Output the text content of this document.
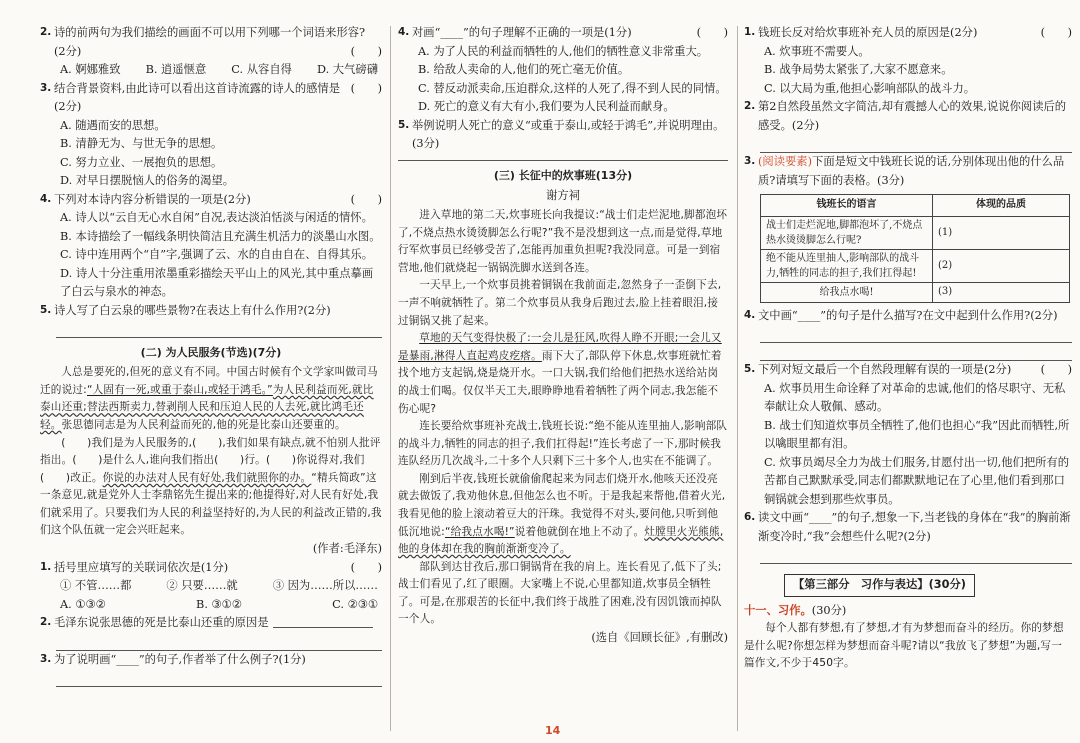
2. 诗的前两句为我们描绘的画面不可以用下列哪一个词语来形容?
(2分)	(　　)
A. 婀娜雅致 B. 逍遥惬意 C. 从容自得 D. 大气磅礴
3.	(　　)
结合背景资料,由此诗可以看出这首诗流露的诗人的感情是(2分)
A. 随遇而安的思想。
B. 清静无为、与世无争的思想。
C. 努力立业、一展抱负的思想。
D. 对早日摆脱恼人的俗务的渴望。
4.	(　　)
下列对本诗内容分析错误的一项是(2分)
A. 诗人以“云自无心水自闲”自况,表达淡泊恬淡与闲适的情怀。
B. 本诗描绘了一幅线条明快简洁且充满生机活力的淡墨山水图。
C. 诗中连用两个“自”字,强调了云、水的自由自在、自得其乐。
D. 诗人十分注重用浓墨重彩描绘天平山上的风光,其中重点摹画了白云与泉水的神态。
5. 诗人写了白云泉的哪些景物?在表达上有什么作用?(2分)
(二) 为人民服务(节选)(7分)
人总是要死的,但死的意义有不同。中国古时候有个文学家叫做司马迁的说过:“人固有一死,或重于泰山,或轻于鸿毛。”为人民利益而死,就比泰山还重;替法西斯卖力,替剥削人民和压迫人民的人去死,就比鸿毛还轻。张思德同志是为人民利益而死的,他的死是比泰山还要重的。
(　　)我们是为人民服务的,(　　),我们如果有缺点,就不怕别人批评指出。(　　)是什么人,谁向我们指出(　　)行。(　　)你说得对,我们(　　)改正。你说的办法对人民有好处,我们就照你的办。“精兵简政”这一条意见,就是党外人士李鼎铭先生提出来的;他提得好,对人民有好处,我们就采用了。只要我们为人民的利益坚持好的,为人民的利益改正错的,我们这个队伍就一定会兴旺起来。
(作者:毛泽东)
1.	(　　)
括号里应填写的关联词依次是(1分)
① 不管……都	② 只要……就	③ 因为……所以……
A. ①③②	B. ③①②	C. ②③①
2. 毛泽东说张思德的死是比泰山还重的原因是
3. 为了说明画“____”的句子,作者举了什么例子?(1分)
4.	(　　)
对画“____”的句子理解不正确的一项是(1分)
A. 为了人民的利益而牺牲的人,他们的牺牲意义非常重大。
B. 给敌人卖命的人,他们的死亡毫无价值。
C. 替反动派卖命,压迫群众,这样的人死了,得不到人民的同情。
D. 死亡的意义有大有小,我们要为人民利益而献身。
5. 举例说明人死亡的意义“或重于泰山,或轻于鸿毛”,并说明理由。
(3分)
(三) 长征中的炊事班(13分)
谢方祠
进入草地的第二天,炊事班长向我提议:“战士们走烂泥地,脚都泡坏了,不烧点热水烫烫脚怎么行呢?”我不是没想到这一点,而是觉得,草地行军炊事员已经够受苦了,怎能再加重负担呢?我没同意。可是一到宿营地,他们就烧起一锅锅洗脚水送到各连。
一天早上,一个炊事员挑着铜锅在我前面走,忽然身子一歪倒下去,一声不响就牺牲了。第二个炊事员从我身后跑过去,脸上挂着眼泪,接过铜锅又挑了起来。
草地的天气变得快极了:一会儿是狂风,吹得人睁不开眼;一会儿又是暴雨,淋得人直起鸡皮疙瘩。雨下大了,部队停下休息,炊事班就忙着找个地方支起锅,烧是烧开水。一口大锅,我们给他们把热水送给站岗的战士们喝。仅仅半天工夫,眼睁睁地看着牺牲了两个同志,我怎能不伤心呢?
连长要给炊事班补充战士,钱班长说:“绝不能从连里抽人,影响部队的战斗力,牺牲的同志的担子,我们扛得起!”连长考虑了一下,那时候我连队经历几次战斗,二十多个人只剩下三十多个人,也实在不能调了。
刚到后半夜,钱班长就偷偷爬起来为同志们烧开水,他咳天还没亮就去做饭了,我劝他休息,但他怎么也不听。于是我起来帮他,借着火光,我看见他的脸上滚动着豆大的汗珠。我觉得不对头,要问他,只听到他低沉地说:“给我点水喝!”说着他就倒在地上不动了。灶膛里火光熊熊,他的身体却在我的胸前渐渐变冷了。
部队到达甘孜后,那口铜锅背在我的肩上。连长看见了,低下了头;战士们看见了,红了眼圈。大家嘴上不说,心里都知道,炊事员全牺牲了。可是,在那艰苦的长征中,我们终于战胜了困难,没有因饥饿而掉队一个人。
(选自《回顾长征》,有删改)
1.	(　　)
钱班长反对给炊事班补充人员的原因是(2分)
A. 炊事班不需要人。
B. 战争局势太紧张了,大家不愿意来。
C. 以大局为重,他担心影响部队的战斗力。
2. 第2自然段虽然文字简洁,却有震撼人心的效果,说说你阅读后的感受。(2分)
3. (阅读要素)下面是短文中钱班长说的话,分别体现出他的什么品质?请填写下面的表格。(3分)
钱班长的语言	体现的品质
战士们走烂泥地,脚都泡坏了,不烧点热水烫烫脚怎么行呢?	(1)
绝不能从连里抽人,影响部队的战斗力,牺牲的同志的担子,我们扛得起!	(2)
给我点水喝!	(3)
4. 文中画“____”的句子是什么描写?在文中起到什么作用?(2分)
5.	(　　)
下列对短文最后一个自然段理解有误的一项是(2分)
A. 炊事员用生命诠释了对革命的忠诚,他们的恪尽职守、无私奉献让众人敬佩、感动。
B. 战士们知道炊事员全牺牲了,他们也担心“我”因此而牺牲,所以噙眼里都有泪。
C. 炊事员竭尽全力为战士们服务,甘愿付出一切,他们把所有的苦都自己默默承受,同志们都默默地记在了心里,他们看到那口铜锅就会想到那些炊事员。
6. 读文中画“____”的句子,想象一下,当老钱的身体在“我”的胸前渐渐变冷时,“我”会想些什么呢?(2分)
【第三部分　习作与表达】(30分)
十一、习作。(30分)
每个人都有梦想,有了梦想,才有为梦想而奋斗的经历。你的梦想是什么呢?你想怎样为梦想而奋斗呢?请以“我放飞了梦想”为题,写一篇作文,不少于450字。
14
